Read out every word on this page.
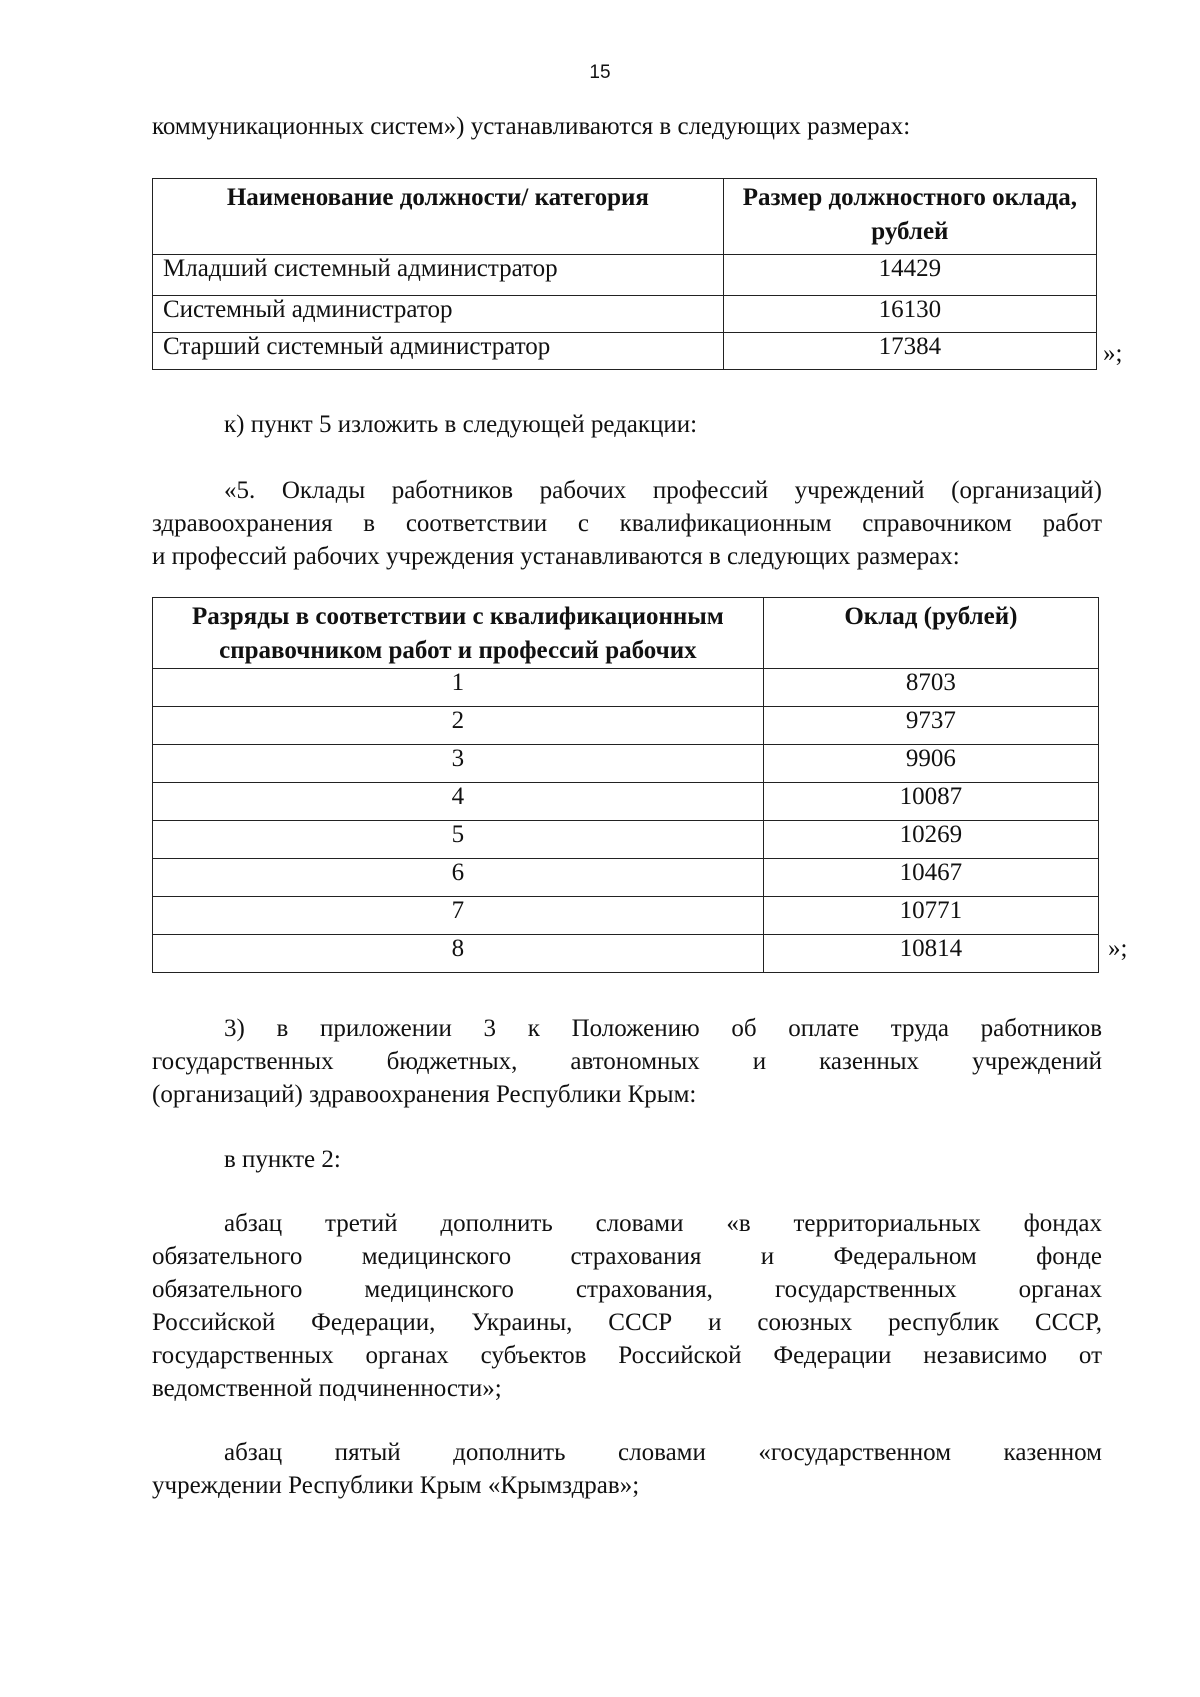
15
коммуникационных систем») устанавливаются в следующих размерах:
Наименование должности/ категория	Размер должностного оклада, рублей
Младший системный администратор	14429
Системный администратор	16130
Старший системный администратор	17384	»;
к) пункт 5 изложить в следующей редакции:
«5. Оклады работников рабочих профессий учреждений (организаций)
здравоохранения в соответствии с квалификационным справочником работ
и профессий рабочих учреждения устанавливаются в следующих размерах:
Разряды в соответствии с квалификационным справочником работ и профессий рабочих	Оклад (рублей)
1	8703
2	9737
3	9906
4	10087
5	10269
6	10467
7	10771
8	10814	»;
3) в приложении 3 к Положению об оплате труда работников
государственных бюджетных, автономных и казенных учреждений
(организаций) здравоохранения Республики Крым:
в пункте 2:
абзац третий дополнить словами «в территориальных фондах
обязательного медицинского страхования и Федеральном фонде
обязательного медицинского страхования, государственных органах
Российской Федерации, Украины, СССР и союзных республик СССР,
государственных органах субъектов Российской Федерации независимо от
ведомственной подчиненности»;
абзац пятый дополнить словами «государственном казенном
учреждении Республики Крым «Крымздрав»;
